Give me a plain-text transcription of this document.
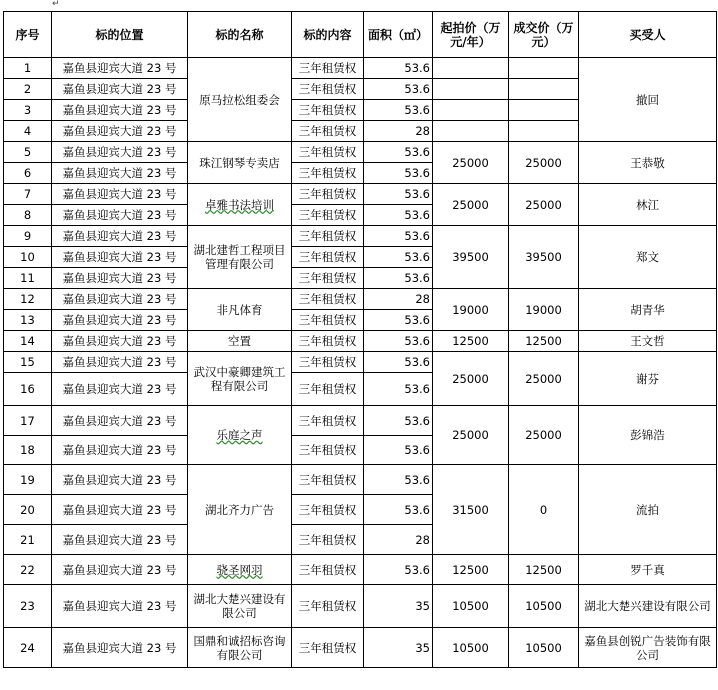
↵
序号	标的位置	标的名称	标的内容	面积（㎡）	起拍价（万元/年）	成交价（万元）	买受人
1	嘉鱼县迎宾大道 23 号	原马拉松组委会	三年租赁权	53.6			撤回
2	嘉鱼县迎宾大道 23 号		三年租赁权	53.6			
3	嘉鱼县迎宾大道 23 号		三年租赁权	53.6			
4	嘉鱼县迎宾大道 23 号		三年租赁权	28			
5	嘉鱼县迎宾大道 23 号	珠江钢琴专卖店	三年租赁权	53.6	25000	25000	王恭敬
6	嘉鱼县迎宾大道 23 号		三年租赁权	53.6			
7	嘉鱼县迎宾大道 23 号	卓雅书法培训	三年租赁权	53.6	25000	25000	林江
8	嘉鱼县迎宾大道 23 号		三年租赁权	53.6			
9	嘉鱼县迎宾大道 23 号	湖北建哲工程项目管理有限公司	三年租赁权	53.6	39500	39500	郑文
10	嘉鱼县迎宾大道 23 号		三年租赁权	53.6			
11	嘉鱼县迎宾大道 23 号		三年租赁权	53.6			
12	嘉鱼县迎宾大道 23 号	非凡体育	三年租赁权	28	19000	19000	胡青华
13	嘉鱼县迎宾大道 23 号		三年租赁权	53.6			
14	嘉鱼县迎宾大道 23 号	空置	三年租赁权	53.6	12500	12500	王文哲
15	嘉鱼县迎宾大道 23 号	武汉中豪卿建筑工程有限公司	三年租赁权	53.6	25000	25000	谢芬
16	嘉鱼县迎宾大道 23 号		三年租赁权	53.6			
17	嘉鱼县迎宾大道 23 号	乐庭之声	三年租赁权	53.6	25000	25000	彭锦浩
18	嘉鱼县迎宾大道 23 号		三年租赁权	53.6			
19	嘉鱼县迎宾大道 23 号	湖北齐力广告	三年租赁权	53.6	31500	0	流拍
20	嘉鱼县迎宾大道 23 号		三年租赁权	53.6			
21	嘉鱼县迎宾大道 23 号		三年租赁权	28			
22	嘉鱼县迎宾大道 23 号	骁圣网羽	三年租赁权	53.6	12500	12500	罗千真
23	嘉鱼县迎宾大道 23 号	湖北大楚兴建设有限公司	三年租赁权	35	10500	10500	湖北大楚兴建设有限公司
24	嘉鱼县迎宾大道 23 号	国鼎和诚招标咨询有限公司	三年租赁权	35	10500	10500	嘉鱼县创锐广告装饰有限公司
